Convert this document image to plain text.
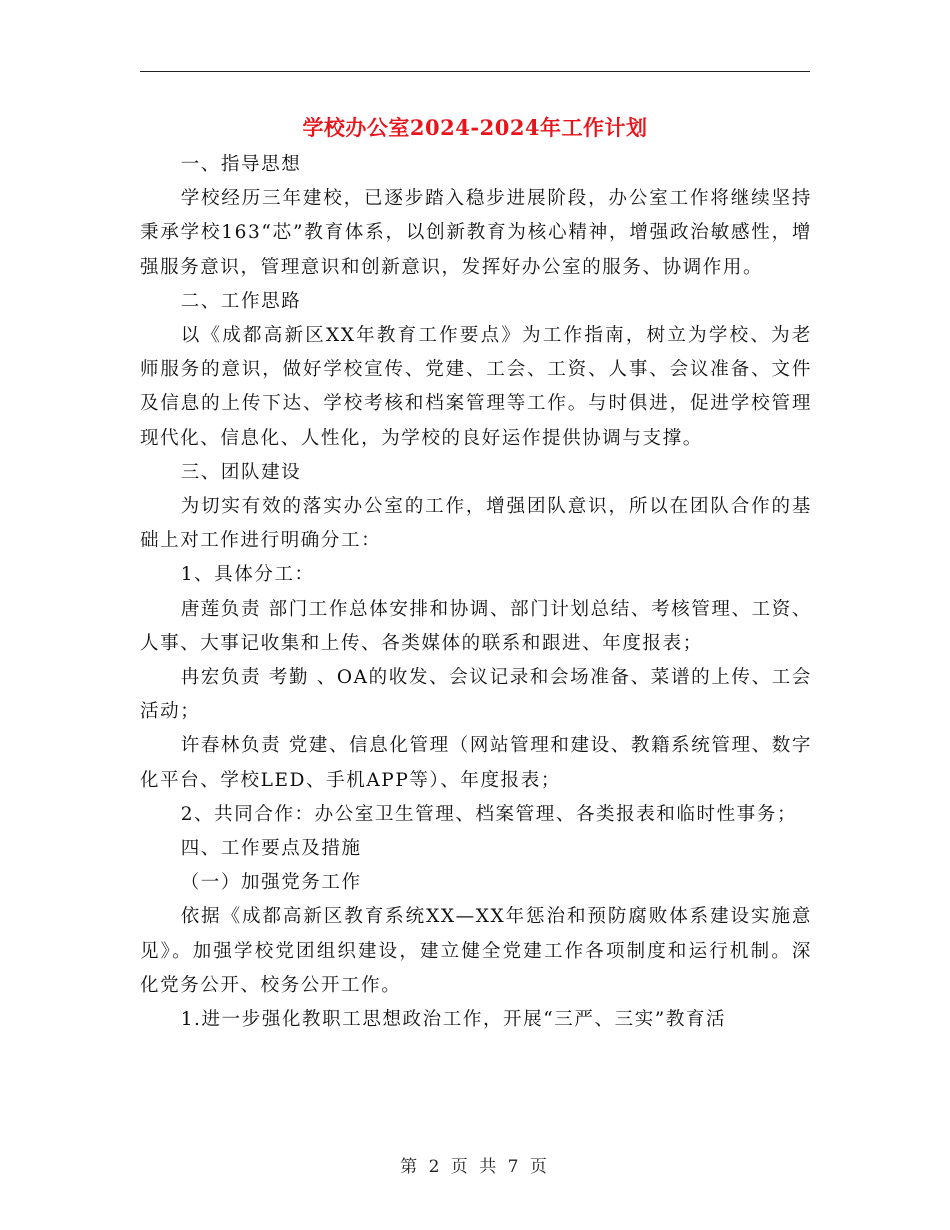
学校办公室2024-2024年工作计划

一、指导思想

学校经历三年建校，已逐步踏入稳步进展阶段，办公室工作将继续坚持秉承学校163“芯”教育体系，以创新教育为核心精神，增强政治敏感性，增强服务意识，管理意识和创新意识，发挥好办公室的服务、协调作用。

二、工作思路

以《成都高新区XX年教育工作要点》为工作指南，树立为学校、为老师服务的意识，做好学校宣传、党建、工会、工资、人事、会议准备、文件及信息的上传下达、学校考核和档案管理等工作。与时俱进，促进学校管理现代化、信息化、人性化，为学校的良好运作提供协调与支撑。

三、团队建设

为切实有效的落实办公室的工作，增强团队意识，所以在团队合作的基础上对工作进行明确分工：

1、具体分工：

唐莲负责 部门工作总体安排和协调、部门计划总结、考核管理、工资、人事、大事记收集和上传、各类媒体的联系和跟进、年度报表；

冉宏负责 考勤 、OA的收发、会议记录和会场准备、菜谱的上传、工会活动；

许春林负责 党建、信息化管理（网站管理和建设、教籍系统管理、数字化平台、学校LED、手机APP等）、年度报表；

2、共同合作：办公室卫生管理、档案管理、各类报表和临时性事务；

四、工作要点及措施

（一）加强党务工作

依据《成都高新区教育系统XX—XX年惩治和预防腐败体系建设实施意见》。加强学校党团组织建设，建立健全党建工作各项制度和运行机制。深化党务公开、校务公开工作。

1.进一步强化教职工思想政治工作，开展“三严、三实”教育活

第 2 页 共 7 页
